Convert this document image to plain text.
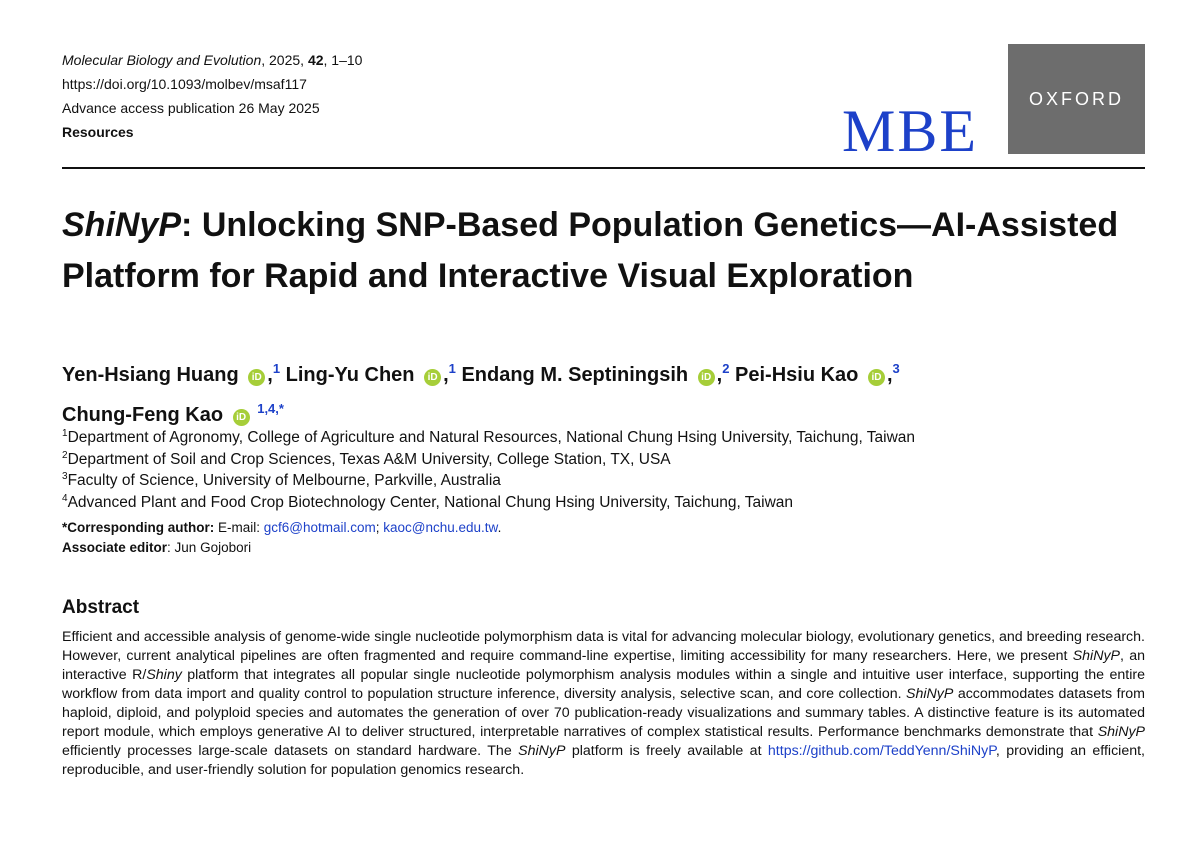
Molecular Biology and Evolution, 2025, 42, 1–10
https://doi.org/10.1093/molbev/msaf117
Advance access publication 26 May 2025
Resources	MBE	OXFORD
ShiNyP: Unlocking SNP-Based Population Genetics—AI-Assisted Platform for Rapid and Interactive Visual Exploration
Yen-Hsiang Huang iD ,$^1$ Ling-Yu Chen iD ,$^1$ Endang M. Septiningsih iD ,$^2$ Pei-Hsiu Kao iD ,$^3$
Chung-Feng Kao iD $^{1,4,*}$
$^1$Department of Agronomy, College of Agriculture and Natural Resources, National Chung Hsing University, Taichung, Taiwan
$^2$Department of Soil and Crop Sciences, Texas A&M University, College Station, TX, USA
$^3$Faculty of Science, University of Melbourne, Parkville, Australia
$^4$Advanced Plant and Food Crop Biotechnology Center, National Chung Hsing University, Taichung, Taiwan
*Corresponding author: E-mail: gcf6@hotmail.com; kaoc@nchu.edu.tw.
Associate editor: Jun Gojobori
Abstract
Efficient and accessible analysis of genome-wide single nucleotide polymorphism data is vital for advancing molecular biology, evolutionary genetics, and breeding research. However, current analytical pipelines are often fragmented and require command-line expertise, limiting accessibility for many researchers. Here, we present ShiNyP, an interactive R/Shiny platform that integrates all popular single nucleotide polymorphism analysis modules within a single and intuitive user interface, supporting the entire workflow from data import and quality control to population structure inference, diversity analysis, selective scan, and core collection. ShiNyP accommodates datasets from haploid, diploid, and polyploid species and automates the generation of over 70 publication-ready visualizations and summary tables. A distinctive feature is its automated report module, which employs generative AI to deliver structured, interpretable narratives of complex statistical results. Performance benchmarks demonstrate that ShiNyP efficiently processes large-scale datasets on standard hardware. The ShiNyP platform is freely available at https://github.com/TeddYenn/ShiNyP, providing an efficient, reproducible, and user-friendly solution for population genomics research.
